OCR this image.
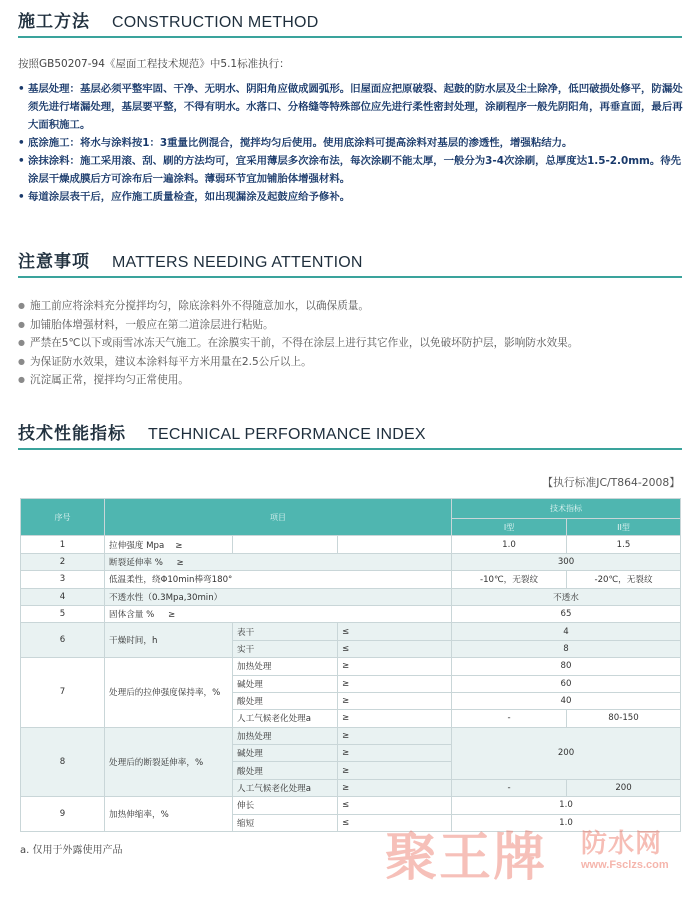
施工方法 CONSTRUCTION METHOD
按照GB50207-94《屋面工程技术规范》中5.1标准执行：
• 基层处理：基层必须平整牢固、干净、无明水、阴阳角应做成圆弧形。旧屋面应把原破裂、起鼓的防水层及尘土除净，低凹破损处修平，防漏处须先进行堵漏处理，基层要平整，不得有明水。水落口、分格缝等特殊部位应先进行柔性密封处理，涂刷程序一般先阴阳角，再垂直面，最后再大面积施工。
• 底涂施工：将水与涂料按1：3重量比例混合，搅拌均匀后使用。使用底涂料可提高涂料对基层的渗透性，增强粘结力。
• 涂抹涂料：施工采用滚、刮、刷的方法均可，宜采用薄层多次涂布法，每次涂刷不能太厚，一般分为3-4次涂刷，总厚度达1.5-2.0mm。待先涂层干燥成膜后方可涂布后一遍涂料。薄弱环节宜加铺胎体增强材料。
• 每道涂层表干后，应作施工质量检查，如出现漏涂及起鼓应给予修补。
注意事项 MATTERS NEEDING ATTENTION
● 施工前应将涂料充分搅拌均匀，除底涂料外不得随意加水，以确保质量。
● 加铺胎体增强材料，一般应在第二道涂层进行粘贴。
● 严禁在5℃以下或雨雪冰冻天气施工。在涂膜实干前，不得在涂层上进行其它作业，以免破坏防护层，影响防水效果。
● 为保证防水效果，建议本涂料每平方米用量在2.5公斤以上。
● 沉淀属正常，搅拌均匀正常使用。
技术性能指标 TECHNICAL PERFORMANCE INDEX
【执行标准JC/T864-2008】
序号	项目			技术指标	
				I型	II型
1	拉伸强度 Mpa ≥			1.0	1.5
2	断裂延伸率 % ≥			300	
3	低温柔性，绕Φ10min棒弯180°			-10℃，无裂纹	-20℃，无裂纹
4	不透水性（0.3Mpa,30min）			不透水	
5	固体含量 % ≥			65	
6	干燥时间，h	表干	≤	4	
		实干	≤	8	
7	处理后的拉伸强度保持率，%	加热处理	≥	80	
		碱处理	≥	60	
		酸处理	≥	40	
		人工气候老化处理a	≥	-	80-150
8	处理后的断裂延伸率，%	加热处理	≥	200	
		碱处理	≥		
		酸处理	≥		
		人工气候老化处理a	≥	-	200
9	加热伸缩率，%	伸长	≤	1.0	
		缩短	≤	1.0	
a. 仅用于外露使用产品	聚王牌 防水网
www.Fsclzs.com
